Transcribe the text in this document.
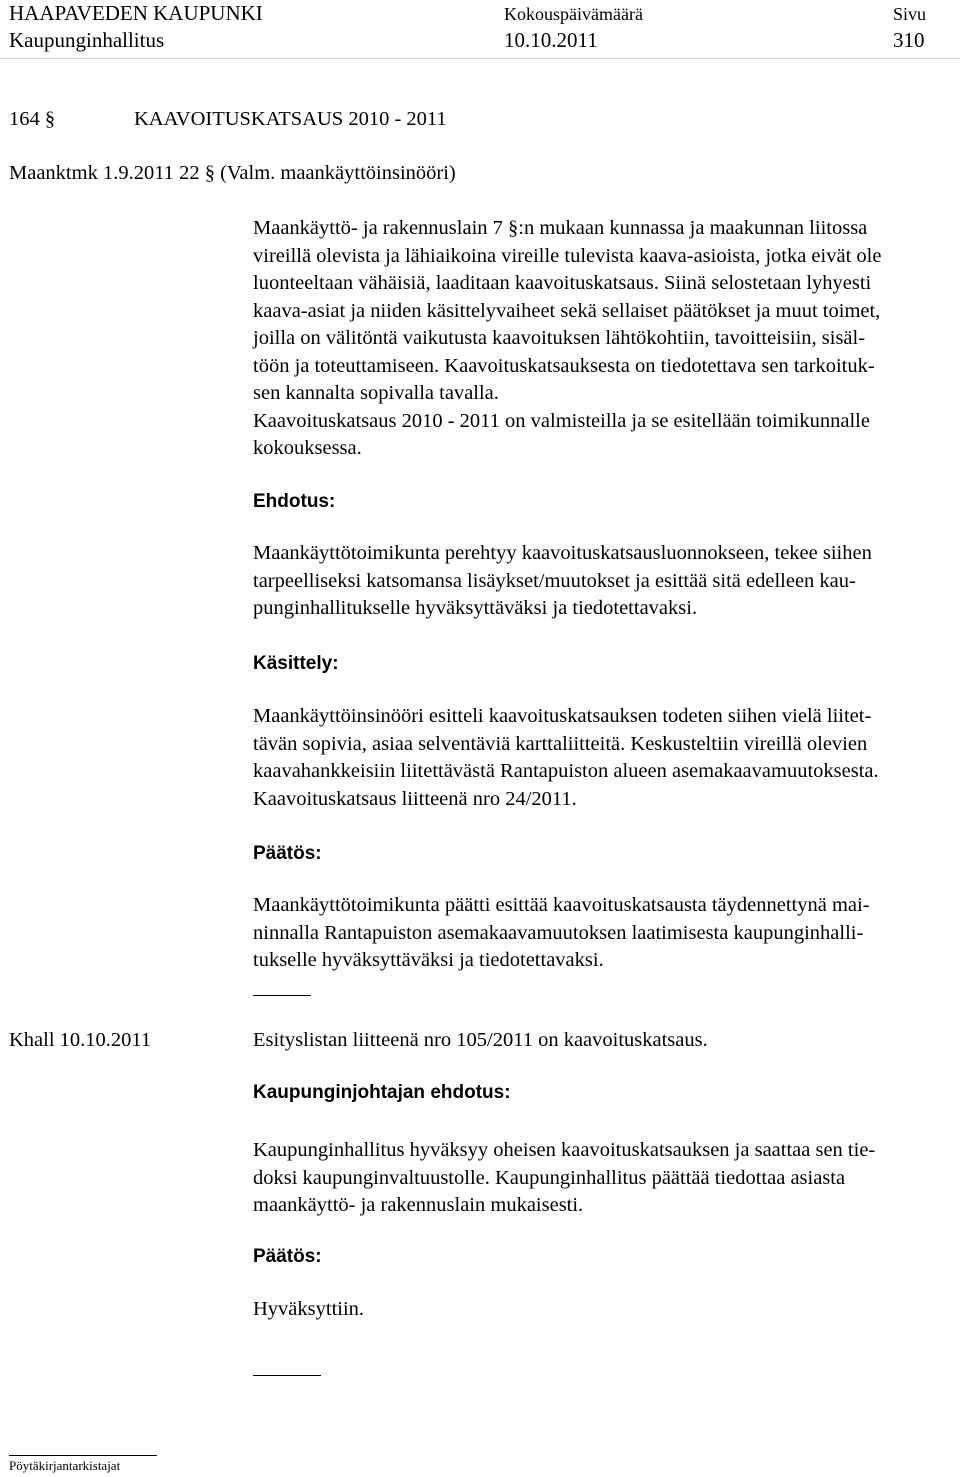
HAAPAVEDEN KAUPUNKI
Kaupunginhallitus
Kokouspäivämäärä
10.10.2011
Sivu
310
164 §	KAAVOITUSKATSAUS 2010 - 2011
Maanktmk 1.9.2011 22 § (Valm. maankäyttöinsinööri)
Maankäyttö- ja rakennuslain 7 §:n mukaan kunnassa ja maakunnan liitossa
vireillä olevista ja lähiaikoina vireille tulevista kaava-asioista, jotka eivät ole
luonteeltaan vähäisiä, laaditaan kaavoituskatsaus. Siinä selostetaan lyhyesti
kaava-asiat ja niiden käsittelyvaiheet sekä sellaiset päätökset ja muut toimet,
joilla on välitöntä vaikutusta kaavoituksen lähtökohtiin, tavoitteisiin, sisäl-
töön ja toteuttamiseen. Kaavoituskatsauksesta on tiedotettava sen tarkoituk-
sen kannalta sopivalla tavalla.
Kaavoituskatsaus 2010 - 2011 on valmisteilla ja se esitellään toimikunnalle
kokouksessa.
Ehdotus:
Maankäyttötoimikunta perehtyy kaavoituskatsausluonnokseen, tekee siihen
tarpeelliseksi katsomansa lisäykset/muutokset ja esittää sitä edelleen kau-
punginhallitukselle hyväksyttäväksi ja tiedotettavaksi.
Käsittely:
Maankäyttöinsinööri esitteli kaavoituskatsauksen todeten siihen vielä liitet-
tävän sopivia, asiaa selventäviä karttaliitteitä. Keskusteltiin vireillä olevien
kaavahankkeisiin liitettävästä Rantapuiston alueen asemakaavamuutoksesta.
Kaavoituskatsaus liitteenä nro 24/2011.
Päätös:
Maankäyttötoimikunta päätti esittää kaavoituskatsausta täydennettynä mai-
ninnalla Rantapuiston asemakaavamuutoksen laatimisesta kaupunginhalli-
tukselle hyväksyttäväksi ja tiedotettavaksi.
Khall 10.10.2011	Esityslistan liitteenä nro 105/2011 on kaavoituskatsaus.
Kaupunginjohtajan ehdotus:
Kaupunginhallitus hyväksyy oheisen kaavoituskatsauksen ja saattaa sen tie-
doksi kaupunginvaltuustolle. Kaupunginhallitus päättää tiedottaa asiasta
maankäyttö- ja rakennuslain mukaisesti.
Päätös:
Hyväksyttiin.
Pöytäkirjantarkistajat
